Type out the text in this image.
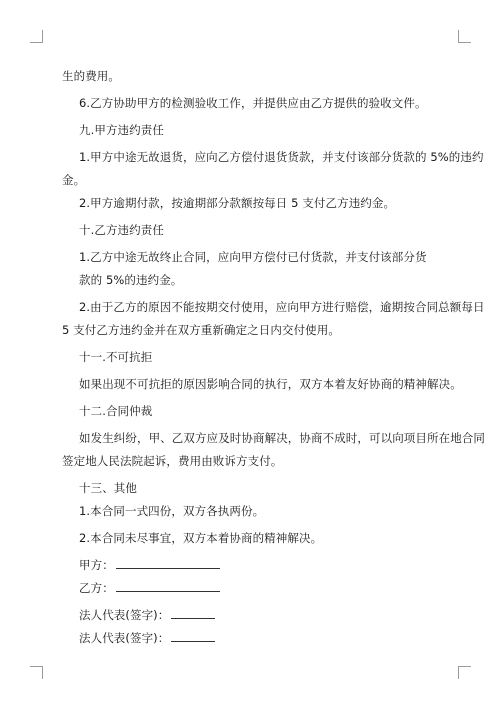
生的费用。
6.乙方协助甲方的检测验收工作，并提供应由乙方提供的验收文件。
九.甲方违约责任
1.甲方中途无故退货，应向乙方偿付退货货款，并支付该部分货款的 5%的违约
金。
2.甲方逾期付款，按逾期部分款额按每日 5 支付乙方违约金。
十.乙方违约责任
1.乙方中途无故终止合同，应向甲方偿付已付货款，并支付该部分货
款的 5%的违约金。
2.由于乙方的原因不能按期交付使用，应向甲方进行赔偿，逾期按合同总额每日
5 支付乙方违约金并在双方重新确定之日内交付使用。
十一.不可抗拒
如果出现不可抗拒的原因影响合同的执行，双方本着友好协商的精神解决。
十二.合同仲裁
如发生纠纷，甲、乙双方应及时协商解决，协商不成时，可以向项目所在地合同
签定地人民法院起诉，费用由败诉方支付。
十三、其他
1.本合同一式四份，双方各执两份。
2.本合同未尽事宜，双方本着协商的精神解决。
甲方：
乙方：
法人代表(签字)：
法人代表(签字)：
